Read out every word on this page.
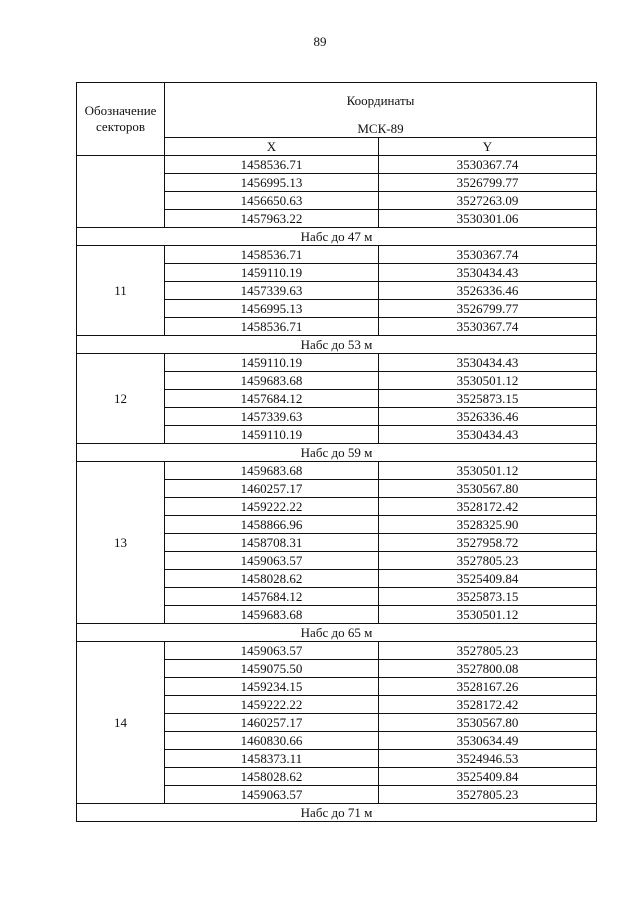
89
Обозначение
секторов	Координаты
МСК-89	

	X	Y
	1458536.71	3530367.74
	1456995.13	3526799.77
	1456650.63	3527263.09
	1457963.22	3530301.06
Набс до 47 м		
11	1458536.71	3530367.74
	1459110.19	3530434.43
	1457339.63	3526336.46
	1456995.13	3526799.77
	1458536.71	3530367.74
Набс до 53 м		
12	1459110.19	3530434.43
	1459683.68	3530501.12
	1457684.12	3525873.15
	1457339.63	3526336.46
	1459110.19	3530434.43
Набс до 59 м		
13	1459683.68	3530501.12
	1460257.17	3530567.80
	1459222.22	3528172.42
	1458866.96	3528325.90
	1458708.31	3527958.72
	1459063.57	3527805.23
	1458028.62	3525409.84
	1457684.12	3525873.15
	1459683.68	3530501.12
Набс до 65 м		
14	1459063.57	3527805.23
	1459075.50	3527800.08
	1459234.15	3528167.26
	1459222.22	3528172.42
	1460257.17	3530567.80
	1460830.66	3530634.49
	1458373.11	3524946.53
	1458028.62	3525409.84
	1459063.57	3527805.23
Набс до 71 м		
